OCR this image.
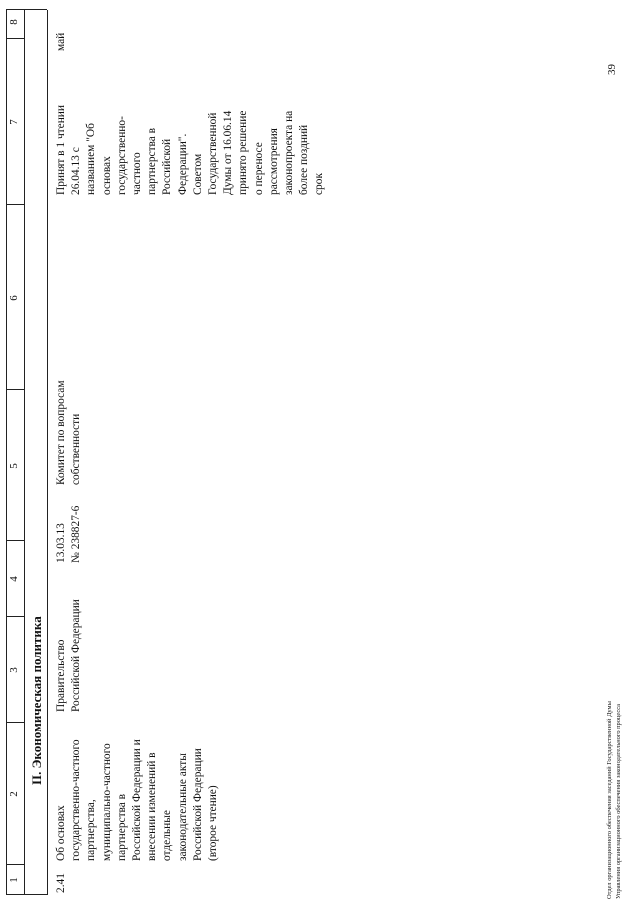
1
2
3
4
5
6
7
8
II. Экономическая политика
2.41
Об основах
государственно-частного
партнерства,
муниципально-частного
партнерства в
Российской Федерации и
внесении изменений в
отдельные
законодательные акты
Российской Федерации
(второе чтение)
Правительство
Российской Федерации
13.03.13
№ 238827-6
Комитет по вопросам
собственности
Принят в 1 чтении
26.04.13 с
названием "Об
основах
государственно-
частного
партнерства в
Российской
Федерации".
Советом
Государственной
Думы от 16.06.14
принято решение
о переносе
рассмотрения
законопроекта на
более поздний
срок
май
Отдел организационного обеспечения заседаний Государственной Думы Управления организационного обеспечения законодательного процесса
39
